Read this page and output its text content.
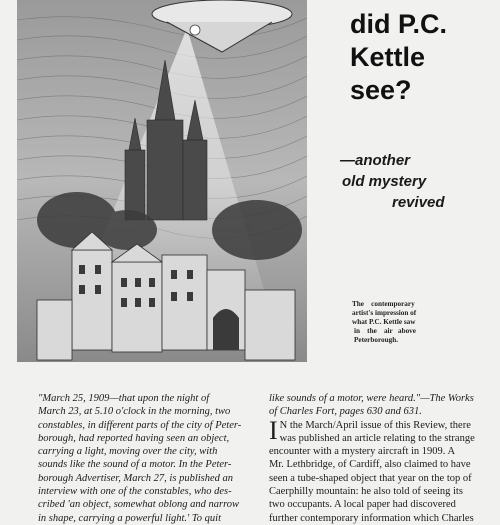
did P.C.
Kettle
see?
—another
old mystery
revived
The    contemporary
artist's impression of
what P.C. Kettle saw
in    the    air   above
Peterborough.
"March 25, 1909—that upon the night of
March 23, at 5.10 o'clock in the morning, two
constables, in different parts of the city of Peter-
borough, had reported having seen an object,
carrying a light, moving over the city, with
sounds like the sound of a motor. In the Peter-
borough Advertiser, March 27, is published an
interview with one of the constables, who des-
cribed 'an object, somewhat oblong and narrow
in shape, carrying a powerful light.' To quit
like sounds of a motor, were heard."—The Works
of Charles Fort, pages 630 and 631.
I N the March/April issue of this Review, there
was published an article relating to the strange
encounter with a mystery aircraft in 1909. A
Mr. Lethbridge, of Cardiff, also claimed to have
seen a tube-shaped object that year on the top of
Caerphilly mountain: he also told of seeing its
two occupants. A local paper had discovered
further contemporary information which Charles
